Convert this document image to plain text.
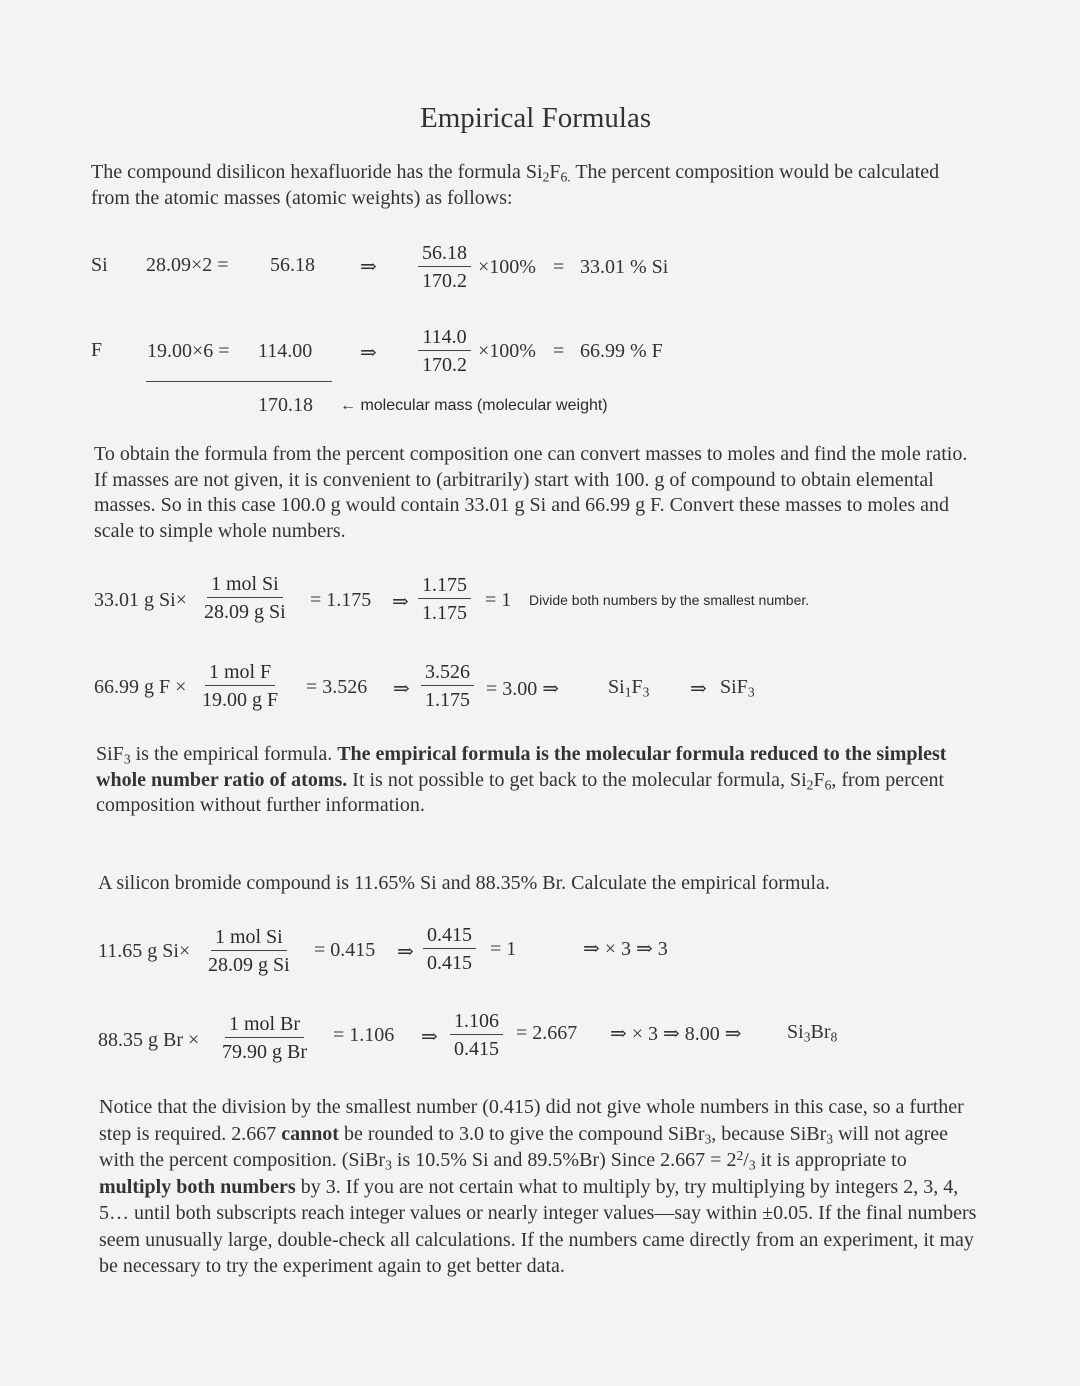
Empirical Formulas
The compound disilicon hexafluoride has the formula $Si_2F_{6.}$ The percent composition would be calculated from the atomic masses (atomic weights) as follows:
Si 28.09×2 = 56.18 ⇒ $\frac{56.18}{170.2} \times 100\% = 33.01$ % Si
F 19.00×6 = 114.00 ⇒ $\frac{114.0}{170.2} \times 100\% = 66.99$ % F
170.18 ← molecular mass (molecular weight)
To obtain the formula from the percent composition one can convert masses to moles and find the mole ratio. If masses are not given, it is convenient to (arbitrarily) start with 100. g of compound to obtain elemental masses. So in this case 100.0 g would contain 33.01 g Si and 66.99 g F. Convert these masses to moles and scale to simple whole numbers.
33.01 g Si×
1 mol Si
28.09 g Si
= 1.175 ⇒ $\frac{1.175}{1.175} = 1$ Divide both numbers by the smallest number.
66.99 g F ×
1 mol F
19.00 g F
= 3.526 ⇒ $\frac{3.526}{1.175} = 3.00$ ⇒ $Si_1F_3$ ⇒ SiF$_3$
SiF$_3$ is the empirical formula. The empirical formula is the molecular formula reduced to the simplest whole number ratio of atoms. It is not possible to get back to the molecular formula, $Si_2F_6$, from percent composition without further information.
A silicon bromide compound is 11.65% Si and 88.35% Br. Calculate the empirical formula.
11.65 g Si×
1 mol Si
28.09 g Si
= 0.415 ⇒ $\frac{0.415}{0.415} = 1$	⇒ × 3 ⇒ 3
88.35 g Br ×
1 mol Br
79.90 g Br
= 1.106 ⇒ $\frac{1.106}{0.415} = 2.667$ ⇒ × 3 ⇒ 8.00 ⇒ $Si_3Br_8$
Notice that the division by the smallest number (0.415) did not give whole numbers in this case, so a further step is required. 2.667 cannot be rounded to 3.0 to give the compound SiBr$_3$, because SiBr$_3$ will not agree with the percent composition. (SiBr$_3$ is 10.5% Si and 89.5%Br) Since $2.667 = 2^2/_3$ it is appropriate to multiply both numbers by 3. If you are not certain what to multiply by, try multiplying by integers 2, 3, 4, 5… until both subscripts reach integer values or nearly integer values—say within ±0.05. If the final numbers seem unusually large, double-check all calculations. If the numbers came directly from an experiment, it may be necessary to try the experiment again to get better data.
